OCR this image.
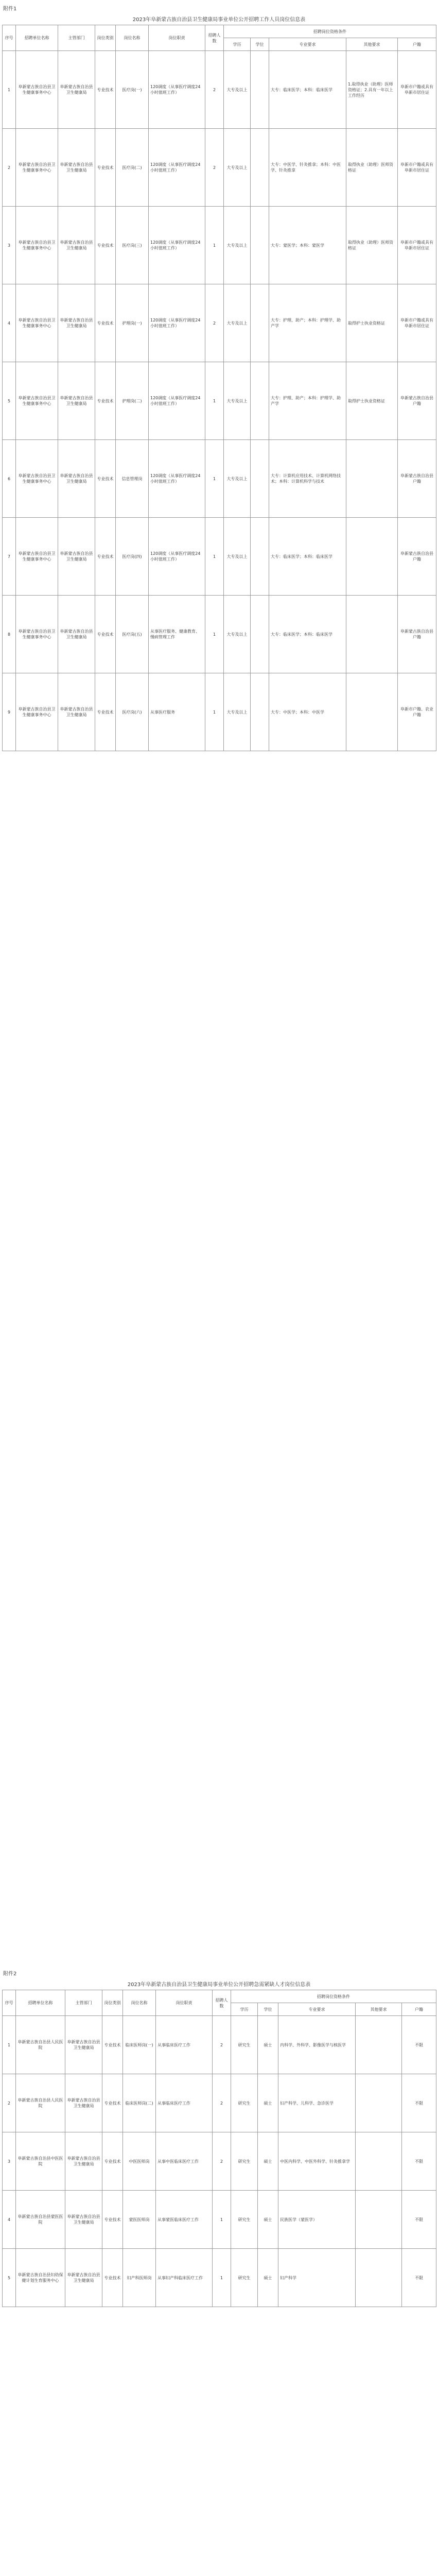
附件1
2023年阜新蒙古族自治县卫生健康局事业单位公开招聘工作人员岗位信息表
序号	招聘单位名称	主管部门	岗位类别	岗位名称	岗位职责	招聘人数	招聘岗位资格条件				
							学历	学位	专业要求	其他要求	户籍
1	阜新蒙古族自治县卫生健康事务中心	阜新蒙古族自治县卫生健康局	专业技术	医疗岗(一)	120调度（从事医疗调度24小时值班工作）	2	大专及以上		大专：临床医学；本科：临床医学	1.取得执业（助理）医师资格证；2.具有一年以上工作经历	阜新市户籍或具有阜新市居住证
2	阜新蒙古族自治县卫生健康事务中心	阜新蒙古族自治县卫生健康局	专业技术	医疗岗(二)	120调度（从事医疗调度24小时值班工作）	2	大专及以上		大专：中医学、针灸推拿；本科：中医学、针灸推拿	取得执业（助理）医师资格证	阜新市户籍或具有阜新市居住证
3	阜新蒙古族自治县卫生健康事务中心	阜新蒙古族自治县卫生健康局	专业技术	医疗岗(三)	120调度（从事医疗调度24小时值班工作）	1	大专及以上		大专：蒙医学；本科：蒙医学	取得执业（助理）医师资格证	阜新市户籍或具有阜新市居住证
4	阜新蒙古族自治县卫生健康事务中心	阜新蒙古族自治县卫生健康局	专业技术	护理岗(一)	120调度（从事医疗调度24小时值班工作）	2	大专及以上		大专：护理、助产；本科：护理学、助产学	取得护士执业资格证	阜新市户籍或具有阜新市居住证
5	阜新蒙古族自治县卫生健康事务中心	阜新蒙古族自治县卫生健康局	专业技术	护理岗(二)	120调度（从事医疗调度24小时值班工作）	1	大专及以上		大专：护理、助产；本科：护理学、助产学	取得护士执业资格证	阜新蒙古族自治县户籍
6	阜新蒙古族自治县卫生健康事务中心	阜新蒙古族自治县卫生健康局	专业技术	信息管理岗	120调度（从事医疗调度24小时值班工作）	1	大专及以上		大专：计算机应用技术、计算机网络技术；本科：计算机科学与技术		阜新蒙古族自治县户籍
7	阜新蒙古族自治县卫生健康事务中心	阜新蒙古族自治县卫生健康局	专业技术	医疗岗(四)	120调度（从事医疗调度24小时值班工作）	1	大专及以上		大专：临床医学；本科：临床医学		阜新蒙古族自治县户籍
8	阜新蒙古族自治县卫生健康事务中心	阜新蒙古族自治县卫生健康局	专业技术	医疗岗(五)	从事医疗服务、健康教育、慢病管理工作	1	大专及以上		大专：临床医学；本科：临床医学		阜新蒙古族自治县户籍
9	阜新蒙古族自治县卫生健康事务中心	阜新蒙古族自治县卫生健康局	专业技术	医疗岗(六)	从事医疗服务	1	大专及以上		大专：中医学；本科：中医学		阜新市户籍、农业户籍
附件2
2023年阜新蒙古族自治县卫生健康局事业单位公开招聘急需紧缺人才岗位信息表
序号	招聘单位名称	主管部门	岗位类别	岗位名称	岗位职责	招聘人数	招聘岗位资格条件				
							学历	学位	专业要求	其他要求	户籍
1	阜新蒙古族自治县人民医院	阜新蒙古族自治县卫生健康局	专业技术	临床医师岗(一)	从事临床医疗工作	2	研究生	硕士	内科学、外科学、影像医学与核医学		不限
2	阜新蒙古族自治县人民医院	阜新蒙古族自治县卫生健康局	专业技术	临床医师岗(二)	从事临床医疗工作	2	研究生	硕士	妇产科学、儿科学、急诊医学		不限
3	阜新蒙古族自治县中医医院	阜新蒙古族自治县卫生健康局	专业技术	中医医师岗	从事中医临床医疗工作	2	研究生	硕士	中医内科学、中医外科学、针灸推拿学		不限
4	阜新蒙古族自治县蒙医医院	阜新蒙古族自治县卫生健康局	专业技术	蒙医医师岗	从事蒙医临床医疗工作	1	研究生	硕士	民族医学（蒙医学）		不限
5	阜新蒙古族自治县妇幼保健计划生育服务中心	阜新蒙古族自治县卫生健康局	专业技术	妇产科医师岗	从事妇产科临床医疗工作	1	研究生	硕士	妇产科学		不限
